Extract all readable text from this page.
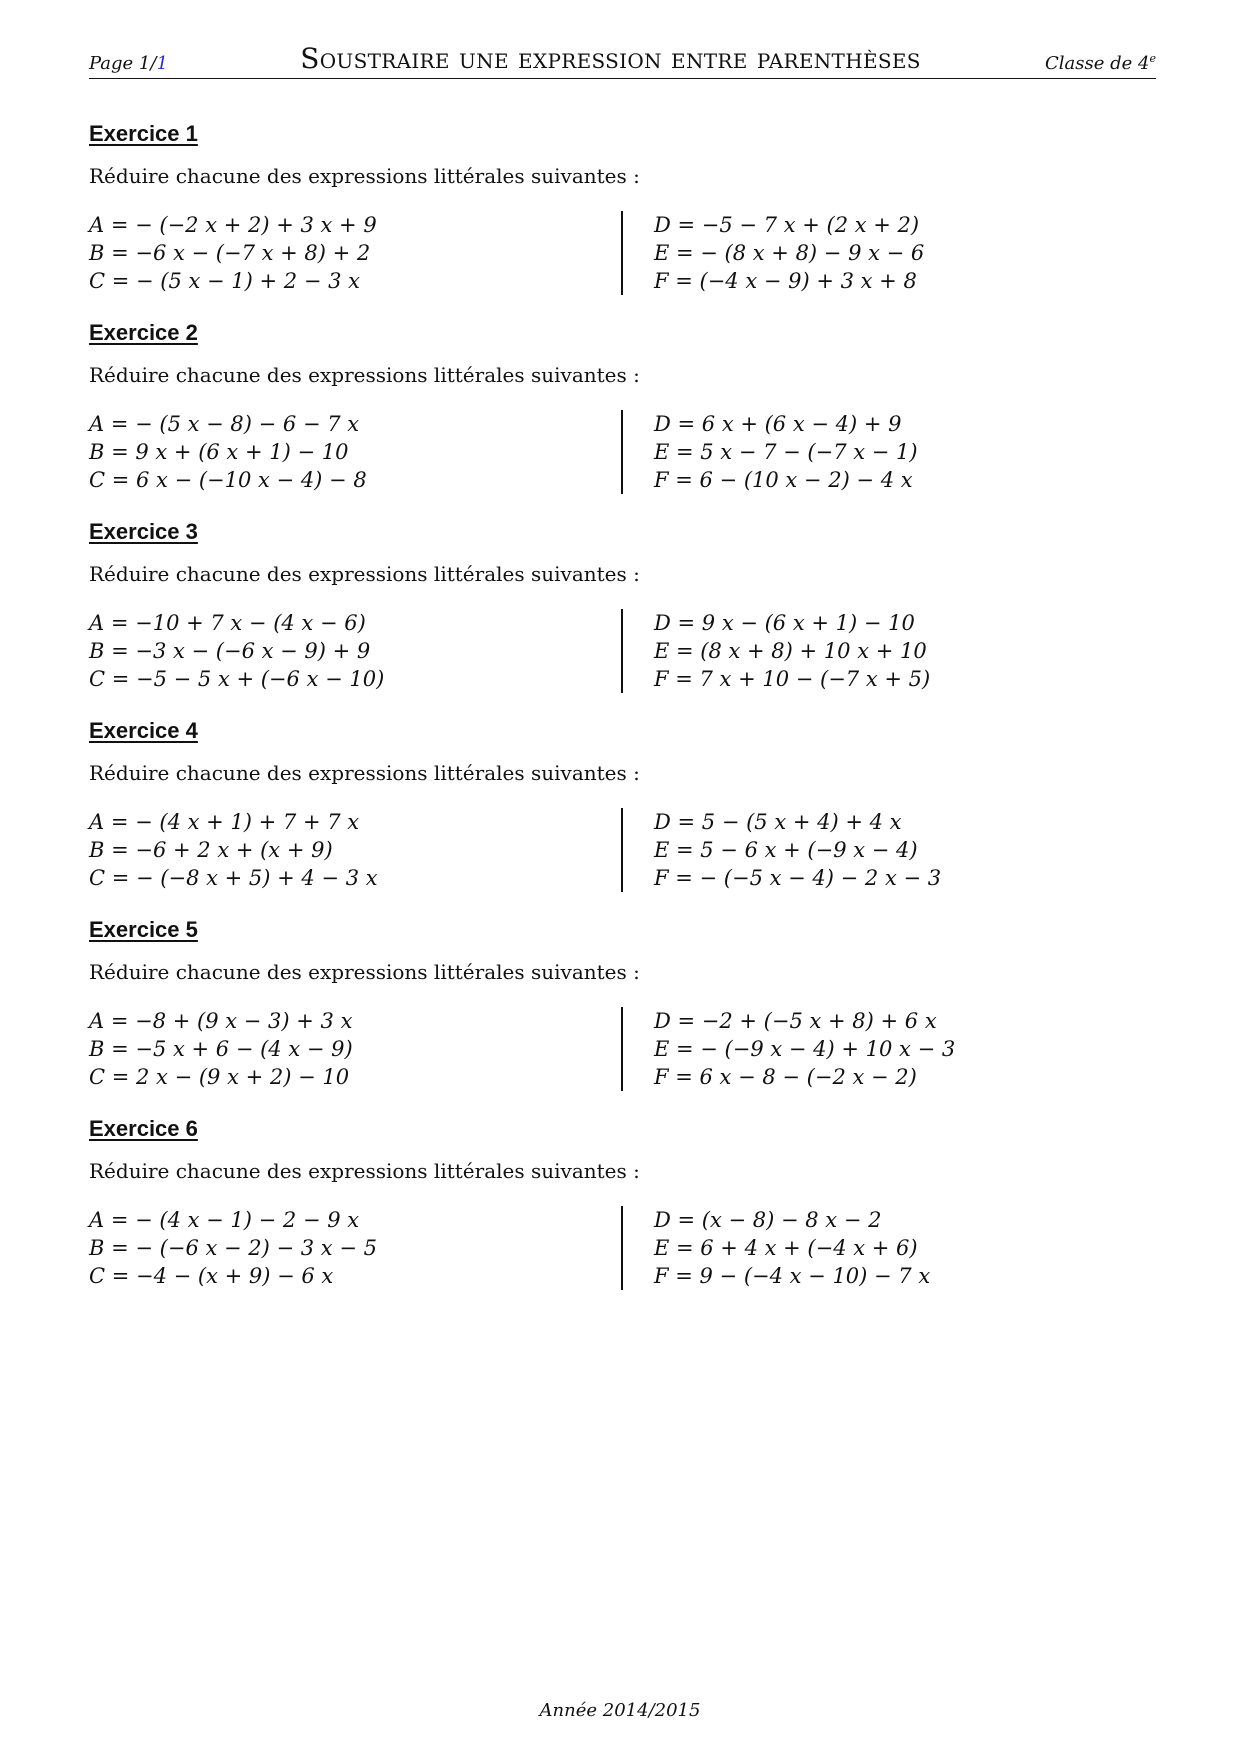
Page 1/1	Soustraire une expression entre parenthèses	Classe de 4e
Exercice 1
Réduire chacune des expressions littérales suivantes :
A = − (−2 x + 2) + 3 x + 9
B = −6 x − (−7 x + 8) + 2
C = − (5 x − 1) + 2 − 3 x
D = −5 − 7 x + (2 x + 2)
E = − (8 x + 8) − 9 x − 6
F = (−4 x − 9) + 3 x + 8
Exercice 2
Réduire chacune des expressions littérales suivantes :
A = − (5 x − 8) − 6 − 7 x
B = 9 x + (6 x + 1) − 10
C = 6 x − (−10 x − 4) − 8
D = 6 x + (6 x − 4) + 9
E = 5 x − 7 − (−7 x − 1)
F = 6 − (10 x − 2) − 4 x
Exercice 3
Réduire chacune des expressions littérales suivantes :
A = −10 + 7 x − (4 x − 6)
B = −3 x − (−6 x − 9) + 9
C = −5 − 5 x + (−6 x − 10)
D = 9 x − (6 x + 1) − 10
E = (8 x + 8) + 10 x + 10
F = 7 x + 10 − (−7 x + 5)
Exercice 4
Réduire chacune des expressions littérales suivantes :
A = − (4 x + 1) + 7 + 7 x
B = −6 + 2 x + (x + 9)
C = − (−8 x + 5) + 4 − 3 x
D = 5 − (5 x + 4) + 4 x
E = 5 − 6 x + (−9 x − 4)
F = − (−5 x − 4) − 2 x − 3
Exercice 5
Réduire chacune des expressions littérales suivantes :
A = −8 + (9 x − 3) + 3 x
B = −5 x + 6 − (4 x − 9)
C = 2 x − (9 x + 2) − 10
D = −2 + (−5 x + 8) + 6 x
E = − (−9 x − 4) + 10 x − 3
F = 6 x − 8 − (−2 x − 2)
Exercice 6
Réduire chacune des expressions littérales suivantes :
A = − (4 x − 1) − 2 − 9 x
B = − (−6 x − 2) − 3 x − 5
C = −4 − (x + 9) − 6 x
D = (x − 8) − 8 x − 2
E = 6 + 4 x + (−4 x + 6)
F = 9 − (−4 x − 10) − 7 x
Année 2014/2015
